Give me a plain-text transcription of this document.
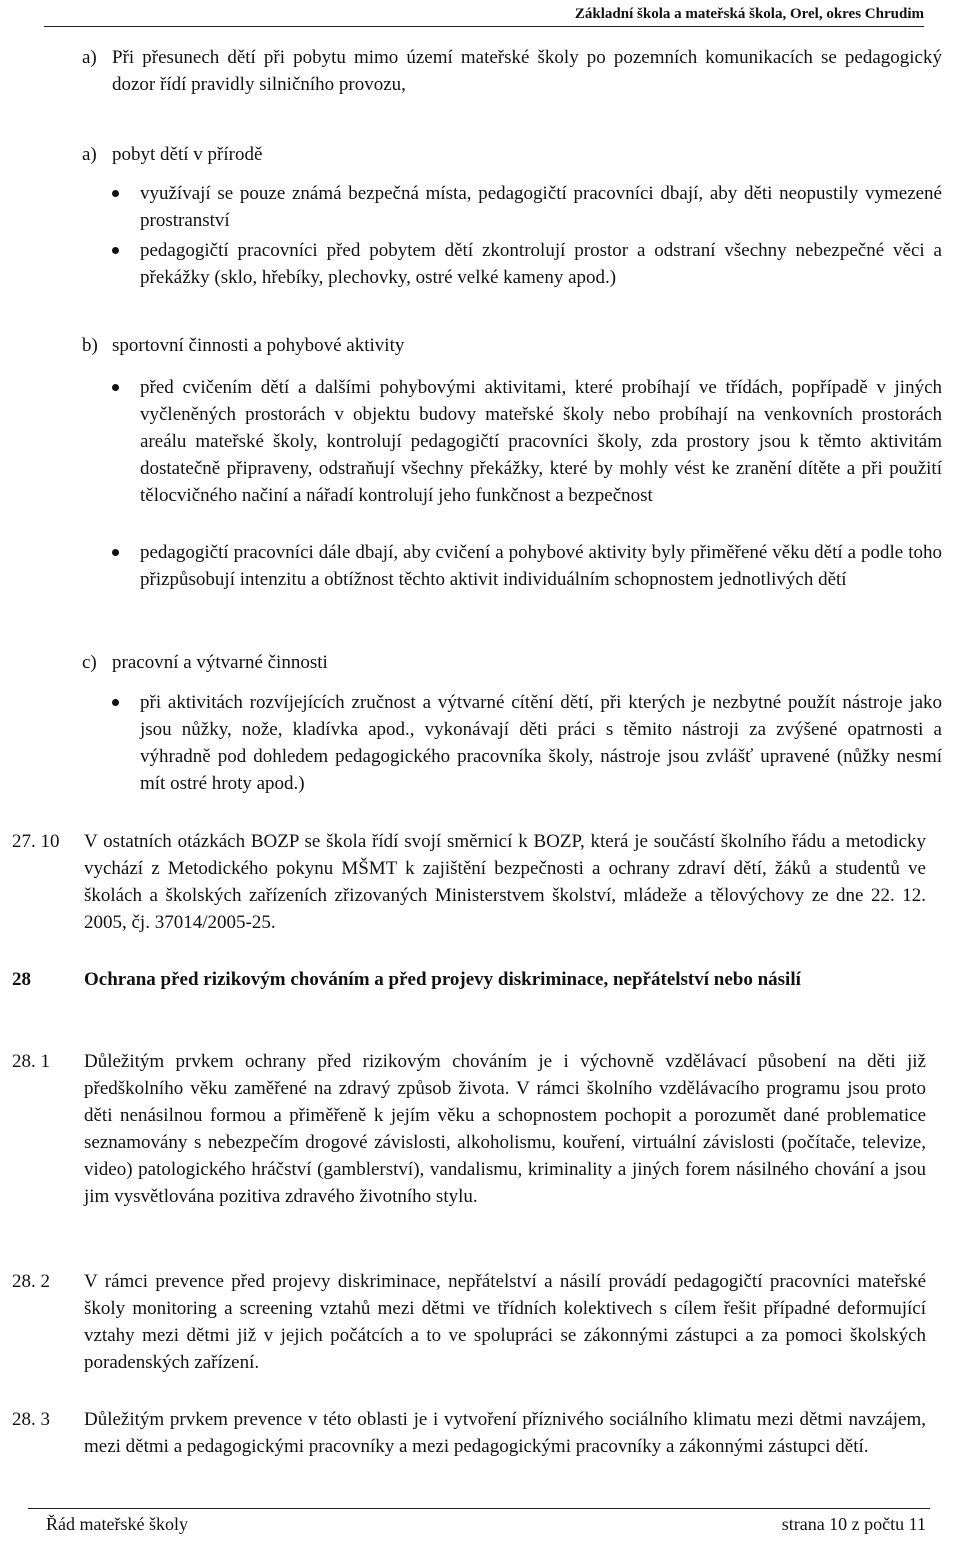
Základní škola a mateřská škola, Orel, okres Chrudim
a) Při přesunech dětí při pobytu mimo území mateřské školy po pozemních komunikacích se pedagogický dozor řídí pravidly silničního provozu,
a) pobyt dětí v přírodě
využívají se pouze známá bezpečná místa, pedagogičtí pracovníci dbají, aby děti neopustily vymezené prostranství
pedagogičtí pracovníci před pobytem dětí zkontrolují prostor a odstraní všechny nebezpečné věci a překážky (sklo, hřebíky, plechovky, ostré velké kameny apod.)
b) sportovní činnosti a pohybové aktivity
před cvičením dětí a dalšími pohybovými aktivitami, které probíhají ve třídách, popřípadě v jiných vyčleněných prostorách v objektu budovy mateřské školy nebo probíhají na venkovních prostorách areálu mateřské školy, kontrolují pedagogičtí pracovníci školy, zda prostory jsou k těmto aktivitám dostatečně připraveny, odstraňují všechny překážky, které by mohly vést ke zranění dítěte a při použití tělocvičného načiní a nářadí kontrolují jeho funkčnost a bezpečnost
pedagogičtí pracovníci dále dbají, aby cvičení a pohybové aktivity byly přiměřené věku dětí a podle toho přizpůsobují intenzitu a obtížnost těchto aktivit individuálním schopnostem jednotlivých dětí
c) pracovní a výtvarné činnosti
při aktivitách rozvíjejících zručnost a výtvarné cítění dětí, při kterých je nezbytné použít nástroje jako jsou nůžky, nože, kladívka apod., vykonávají děti práci s těmito nástroji za zvýšené opatrnosti a výhradně pod dohledem pedagogického pracovníka školy, nástroje jsou zvlášť upravené (nůžky nesmí mít ostré hroty apod.)
27. 10 V ostatních otázkách BOZP se škola řídí svojí směrnicí k BOZP, která je součástí školního řádu a metodicky vychází z Metodického pokynu MŠMT k zajištění bezpečnosti a ochrany zdraví dětí, žáků a studentů ve školách a školských zařízeních zřizovaných Ministerstvem školství, mládeže a tělovýchovy ze dne 22. 12. 2005, čj. 37014/2005-25.
28	Ochrana před rizikovým chováním a před projevy diskriminace, nepřátelství nebo násilí
28. 1 Důležitým prvkem ochrany před rizikovým chováním je i výchovně vzdělávací působení na děti již předškolního věku zaměřené na zdravý způsob života. V rámci školního vzdělávacího programu jsou proto děti nenásilnou formou a přiměřeně k jejím věku a schopnostem pochopit a porozumět dané problematice seznamovány s nebezpečím drogové závislosti, alkoholismu, kouření, virtuální závislosti (počítače, televize, video) patologického hráčství (gamblerství), vandalismu, kriminality a jiných forem násilného chování a jsou jim vysvětlována pozitiva zdravého životního stylu.
28. 2 V rámci prevence před projevy diskriminace, nepřátelství a násilí provádí pedagogičtí pracovníci mateřské školy monitoring a screening vztahů mezi dětmi ve třídních kolektivech s cílem řešit případné deformující vztahy mezi dětmi již v jejich počátcích a to ve spolupráci se zákonnými zástupci a za pomoci školských poradenských zařízení.
28. 3 Důležitým prvkem prevence v této oblasti je i vytvoření příznivého sociálního klimatu mezi dětmi navzájem, mezi dětmi a pedagogickými pracovníky a mezi pedagogickými pracovníky a zákonnými zástupci dětí.
Řád mateřské školy	strana 10 z počtu 11
